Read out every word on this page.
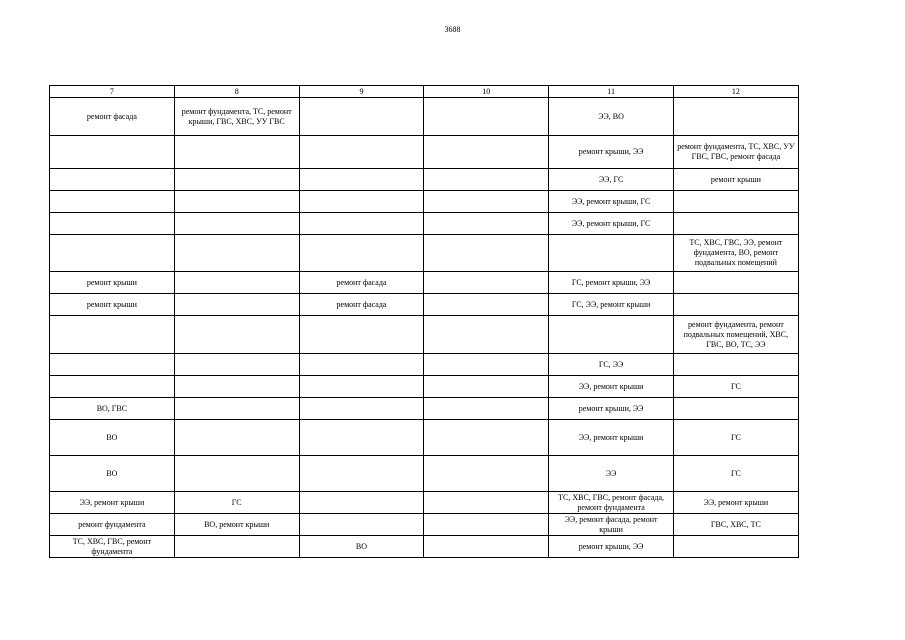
3688
7	8	9	10	11	12
ремонт фасада	ремонт фундамента, ТС, ремонт крыши, ГВС, ХВС, УУ ГВС			ЭЭ, ВО	
				ремонт крыши, ЭЭ	ремонт фундамента, ТС, ХВС, УУ ГВС, ГВС, ремонт фасада
				ЭЭ, ГС	ремонт крыши
				ЭЭ, ремонт крыши, ГС	
				ЭЭ, ремонт крыши, ГС	
					ТС, ХВС, ГВС, ЭЭ, ремонт фундамента, ВО, ремонт подвальных помещений
ремонт крыши		ремонт фасада		ГС, ремонт крыши, ЭЭ	
ремонт крыши		ремонт фасада		ГС, ЭЭ, ремонт крыши	
					ремонт фундамента, ремонт подвальных помещений, ХВС, ГВС, ВО, ТС, ЭЭ
				ГС, ЭЭ	
				ЭЭ, ремонт крыши	ГС
ВО, ГВС				ремонт крыши, ЭЭ	
ВО				ЭЭ, ремонт крыши	ГС
ВО				ЭЭ	ГС
ЭЭ, ремонт крыши	ГС			ТС, ХВС, ГВС, ремонт фасада, ремонт фундамента	ЭЭ, ремонт крыши
ремонт фундамента	ВО, ремонт крыши			ЭЭ, ремонт фасада, ремонт крыши	ГВС, ХВС, ТС
ТС, ХВС, ГВС, ремонт фундамента		ВО		ремонт крыши, ЭЭ	
